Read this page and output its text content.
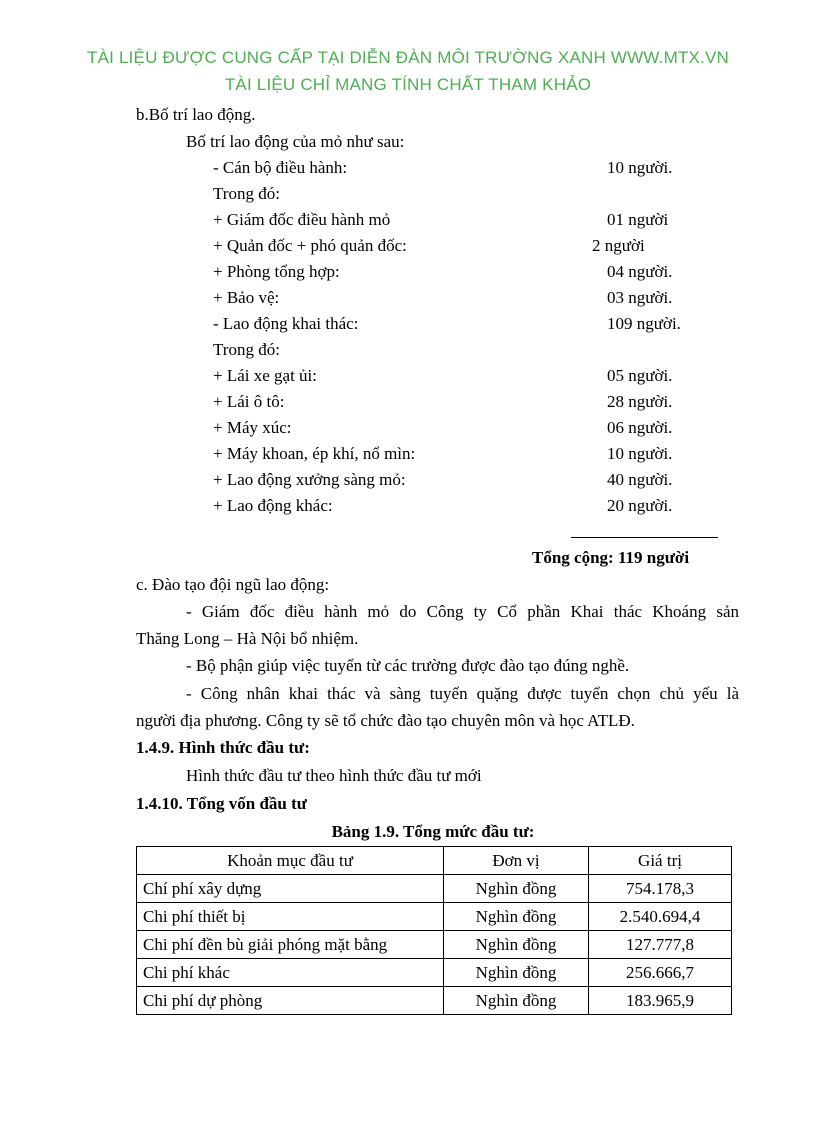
TÀI LIỆU ĐƯỢC CUNG CẤP TẠI DIỄN ĐÀN MÔI TRƯỜNG XANH WWW.MTX.VN
TÀI LIỆU CHỈ MANG TÍNH CHẤT THAM KHẢO
b.Bố trí lao động.
Bố trí lao động của mỏ như sau:
- Cán bộ điều hành:	10 người.
Trong đó:
+ Giám đốc điều hành mỏ	01 người
+ Quản đốc + phó quản đốc:	2 người
+ Phòng tổng hợp:	04 người.
+ Bảo vệ:	03 người.
- Lao động khai thác:	109 người.
Trong đó:
+ Lái xe gạt ủi:	05 người.
+ Lái ô tô:	28 người.
+ Máy xúc:	06 người.
+ Máy khoan, ép khí, nổ mìn:	10 người.
+ Lao động xưởng sàng mỏ:	40 người.
+ Lao động khác:	20 người.
Tổng cộng: 119 người
c. Đào tạo đội ngũ lao động:
- Giám đốc điều hành mỏ do Công ty Cổ phần Khai thác Khoáng sản
Thăng Long – Hà Nội bổ nhiệm.
- Bộ phận giúp việc tuyển từ các trường được đào tạo đúng nghề.
- Công nhân khai thác và sàng tuyển quặng được tuyển chọn chủ yếu là
người địa phương. Công ty sẽ tổ chức đào tạo chuyên môn và học ATLĐ.
1.4.9. Hình thức đầu tư:
Hình thức đầu tư theo hình thức đầu tư mới
1.4.10. Tổng vốn đầu tư
Bảng 1.9. Tổng mức đầu tư:
Khoản mục đầu tư	Đơn vị	Giá trị
Chí phí xây dựng	Nghìn đồng	754.178,3
Chi phí thiết bị	Nghìn đồng	2.540.694,4
Chi phí đền bù giải phóng mặt bằng	Nghìn đồng	127.777,8
Chi phí khác	Nghìn đồng	256.666,7
Chi phí dự phòng	Nghìn đồng	183.965,9
